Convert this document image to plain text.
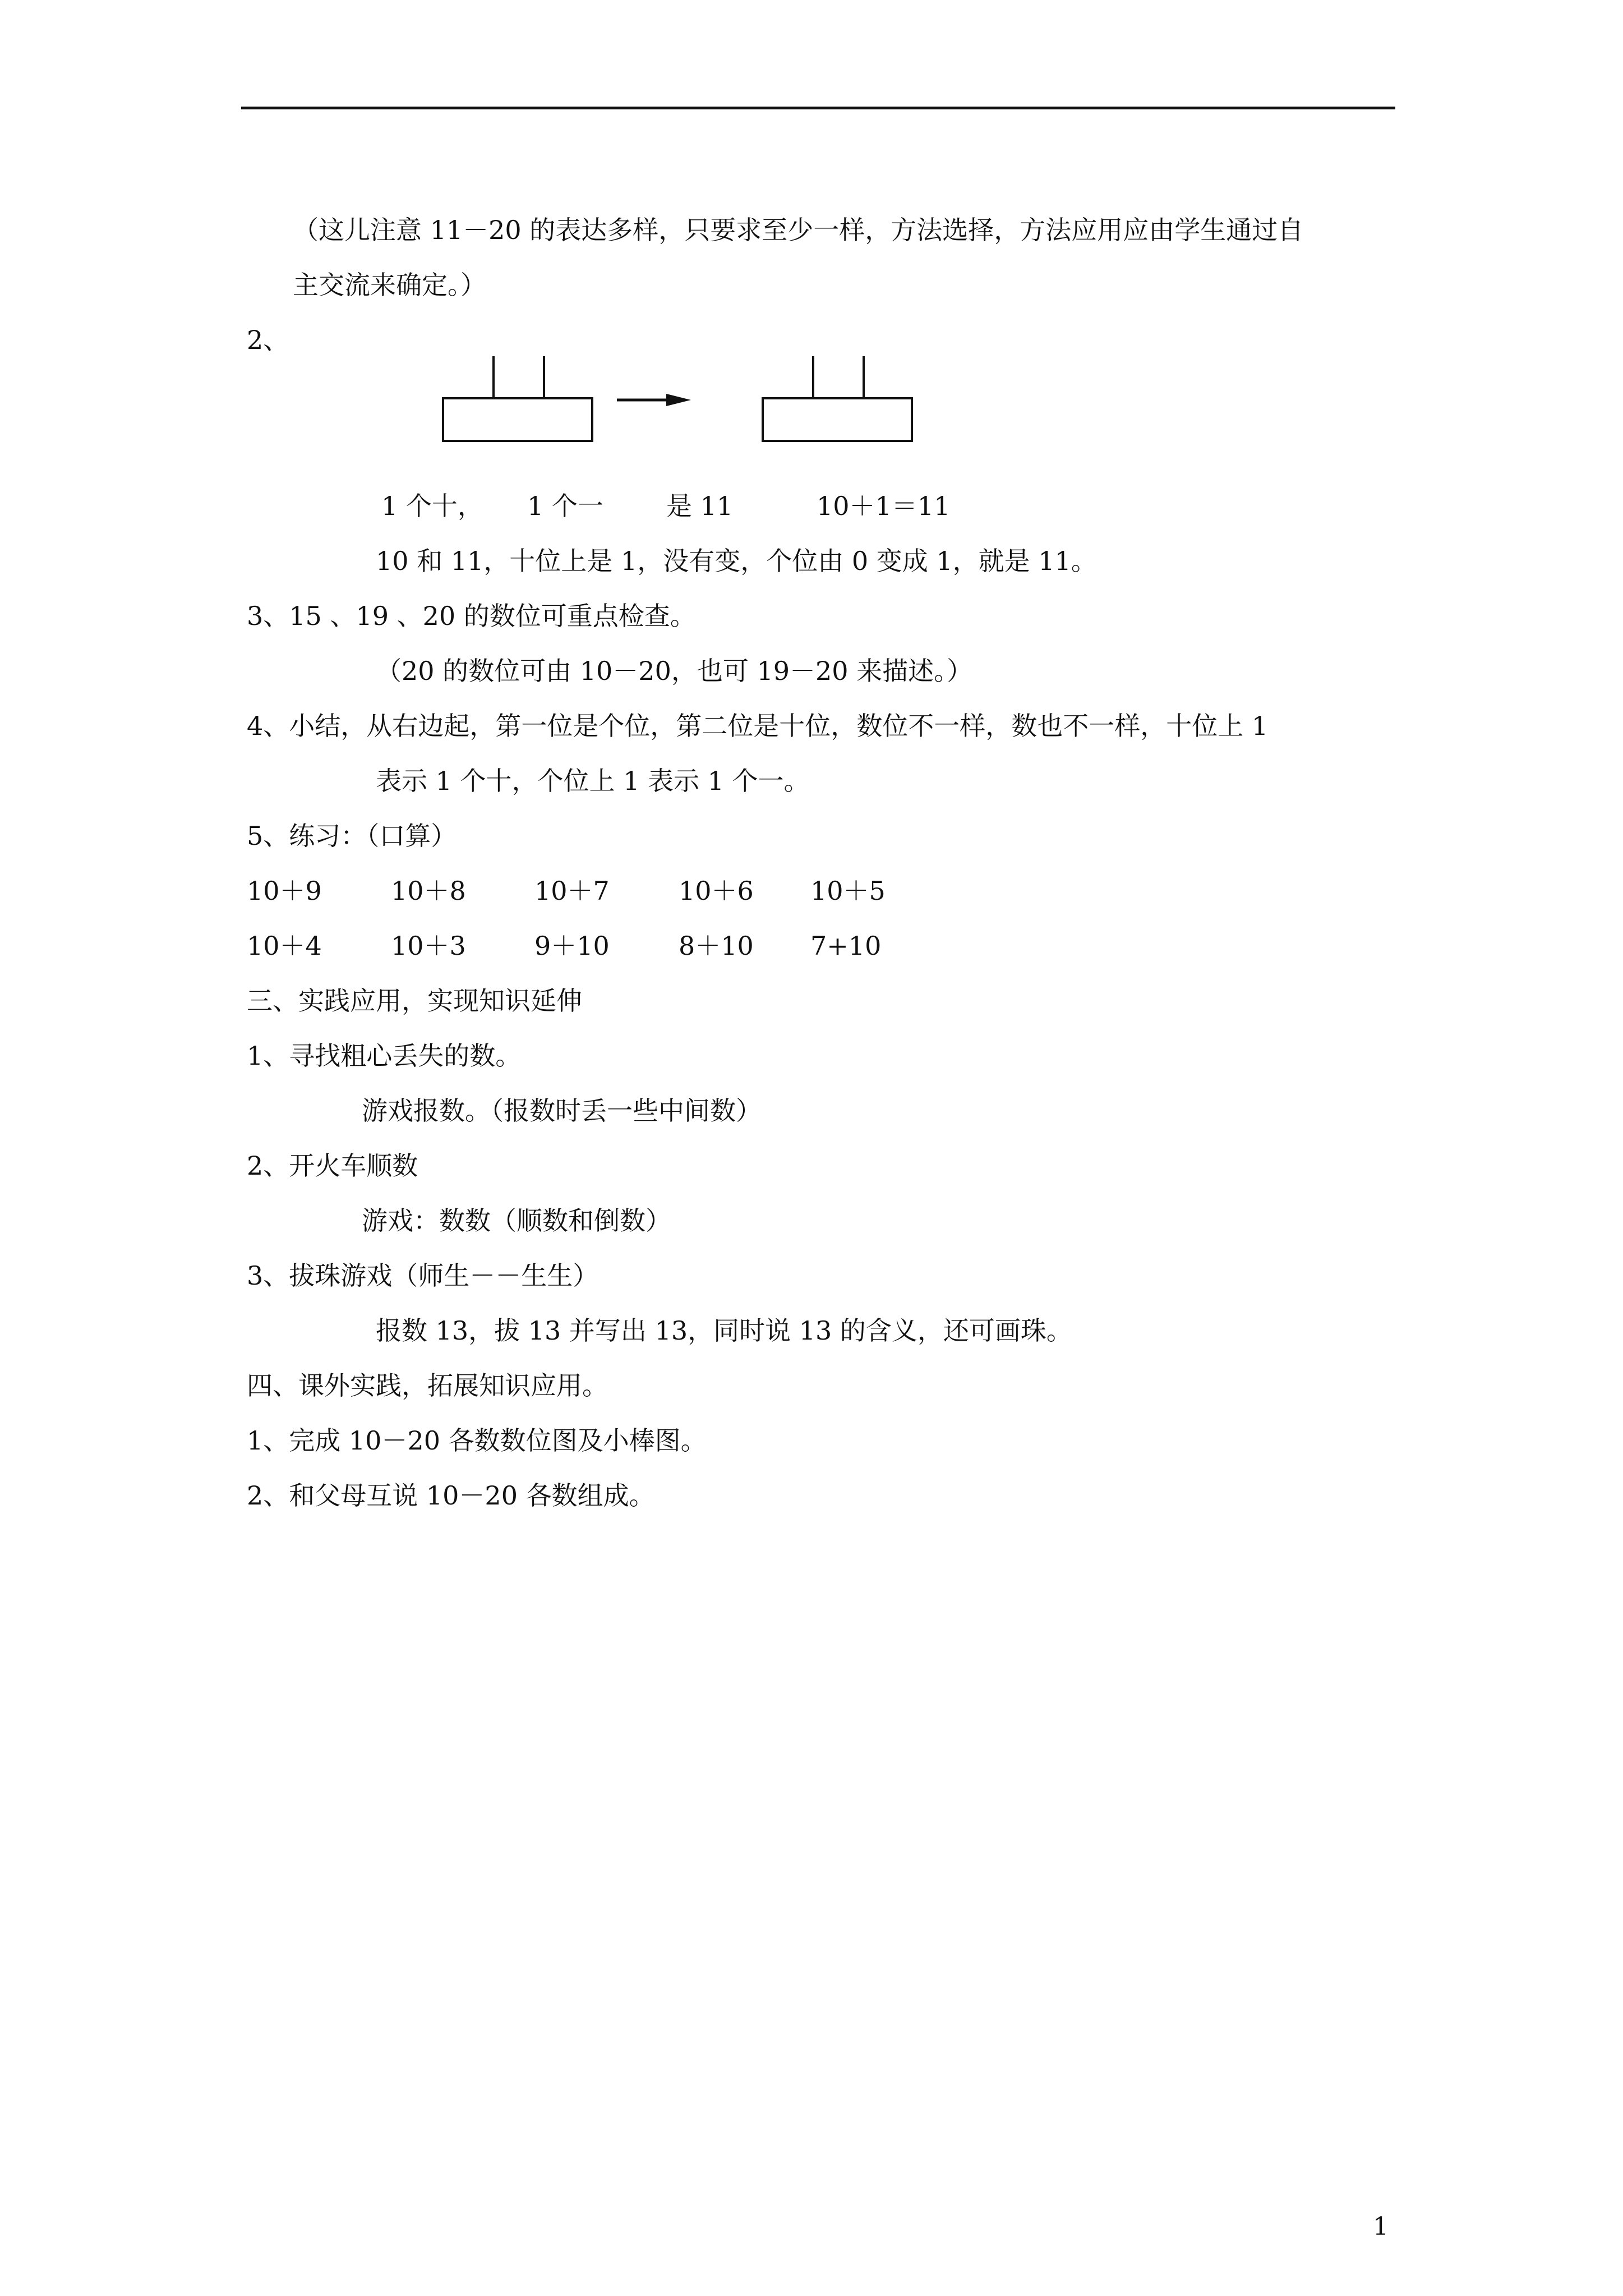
（这儿注意 11－20 的表达多样，只要求至少一样，方法选择，方法应用应由学生通过自
主交流来确定。）
2、
1 个十， 1 个一 是 11	10＋1＝11
10 和 11，十位上是 1，没有变，个位由 0 变成 1，就是 11。
3、15 、19 、20 的数位可重点检查。
（20 的数位可由 10－20，也可 19－20 来描述。）
4、小结，从右边起，第一位是个位，第二位是十位，数位不一样，数也不一样，十位上 1
表示 1 个十，个位上 1 表示 1 个一。
5、练习：（口算）
10＋9	10＋8	10＋7	10＋6 10＋5
10＋4	10＋3	9＋10	8＋10 7+10
三、实践应用，实现知识延伸
1、寻找粗心丢失的数。
游戏报数。（报数时丢一些中间数）
2、开火车顺数
游戏：数数（顺数和倒数）
3、拔珠游戏（师生－－生生）
报数 13，拔 13 并写出 13，同时说 13 的含义，还可画珠。
四、课外实践，拓展知识应用。
1、完成 10－20 各数数位图及小棒图。
2、和父母互说 10－20 各数组成。
1
